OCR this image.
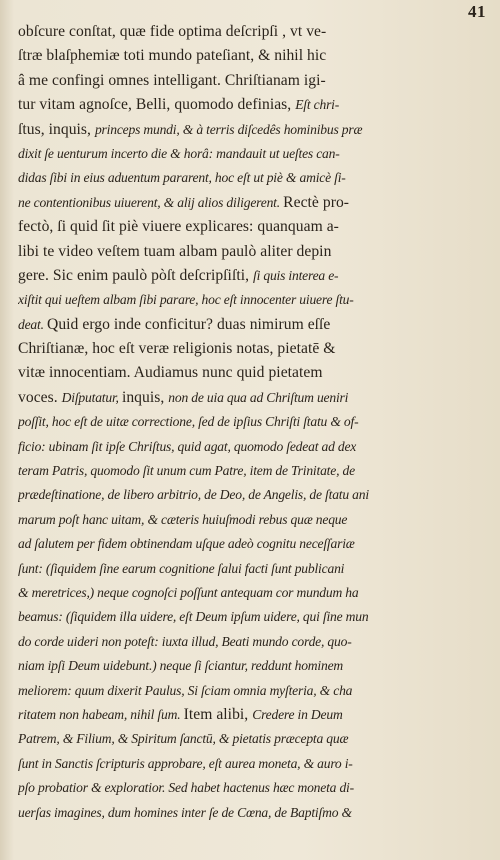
41
obſcure conſtat, quæ fide optima deſcripſi , vt ve-
ſtræ blaſphemiæ toti mundo pateſiant, & nihil hic
â me confingi omnes intelligant. Chriſtianam igi-
tur vitam agnoſce, Belli, quomodo definias, Eſt chri-
ſtus, inquis, princeps mundi, & à terris diſcedês hominibus præ
dixit ſe uenturum incerto die & horâ: mandauit ut ueſtes can-
didas ſibi in eius aduentum pararent, hoc eſt ut piè & amicè ſi-
ne contentionibus uiuerent, & alij alios diligerent. Rectè pro-
fectò, ſi quid ſit piè viuere explicares: quanquam a-
libi te video veſtem tuam albam paulò aliter depin
gere. Sic enim paulò pòſt deſcripſiſti, ſi quis interea e-
xiſtit qui ueſtem albam ſibi parare, hoc eſt innocenter uiuere ſtu-
deat. Quid ergo inde conficitur? duas nimirum eſſe
Chriſtianæ, hoc eſt veræ religionis notas, pietatē &
vitæ innocentiam. Audiamus nunc quid pietatem
voces. Diſputatur, inquis, non de uia qua ad Chriſtum ueniri
poſſit, hoc eſt de uitæ correctione, ſed de ipſius Chriſti ſtatu & of-
ficio: ubinam ſit ipſe Chriſtus, quid agat, quomodo ſedeat ad dex
teram Patris, quomodo ſit unum cum Patre, item de Trinitate, de
prædeſtinatione, de libero arbitrio, de Deo, de Angelis, de ſtatu ani
marum poſt hanc uitam, & cæteris huiuſmodi rebus quæ neque
ad ſalutem per fidem obtinendam uſque adeò cognitu neceſſariæ
ſunt: (ſiquidem ſine earum cognitione ſalui facti ſunt publicani
& meretrices,) neque cognoſci poſſunt antequam cor mundum ha
beamus: (ſiquidem illa uidere, eſt Deum ipſum uidere, qui ſine mun
do corde uideri non poteſt: iuxta illud, Beati mundo corde, quo-
niam ipſi Deum uidebunt.) neque ſi ſciantur, reddunt hominem
meliorem: quum dixerit Paulus, Si ſciam omnia myſteria, & cha
ritatem non habeam, nihil ſum. Item alibi, Credere in Deum
Patrem, & Filium, & Spiritum ſanctū, & pietatis præcepta quæ
ſunt in Sanctis ſcripturis approbare, eſt aurea moneta, & auro i-
pſo probatior & exploratior. Sed habet hactenus hæc moneta di-
uerſas imagines, dum homines inter ſe de Cœna, de Baptiſmo &
